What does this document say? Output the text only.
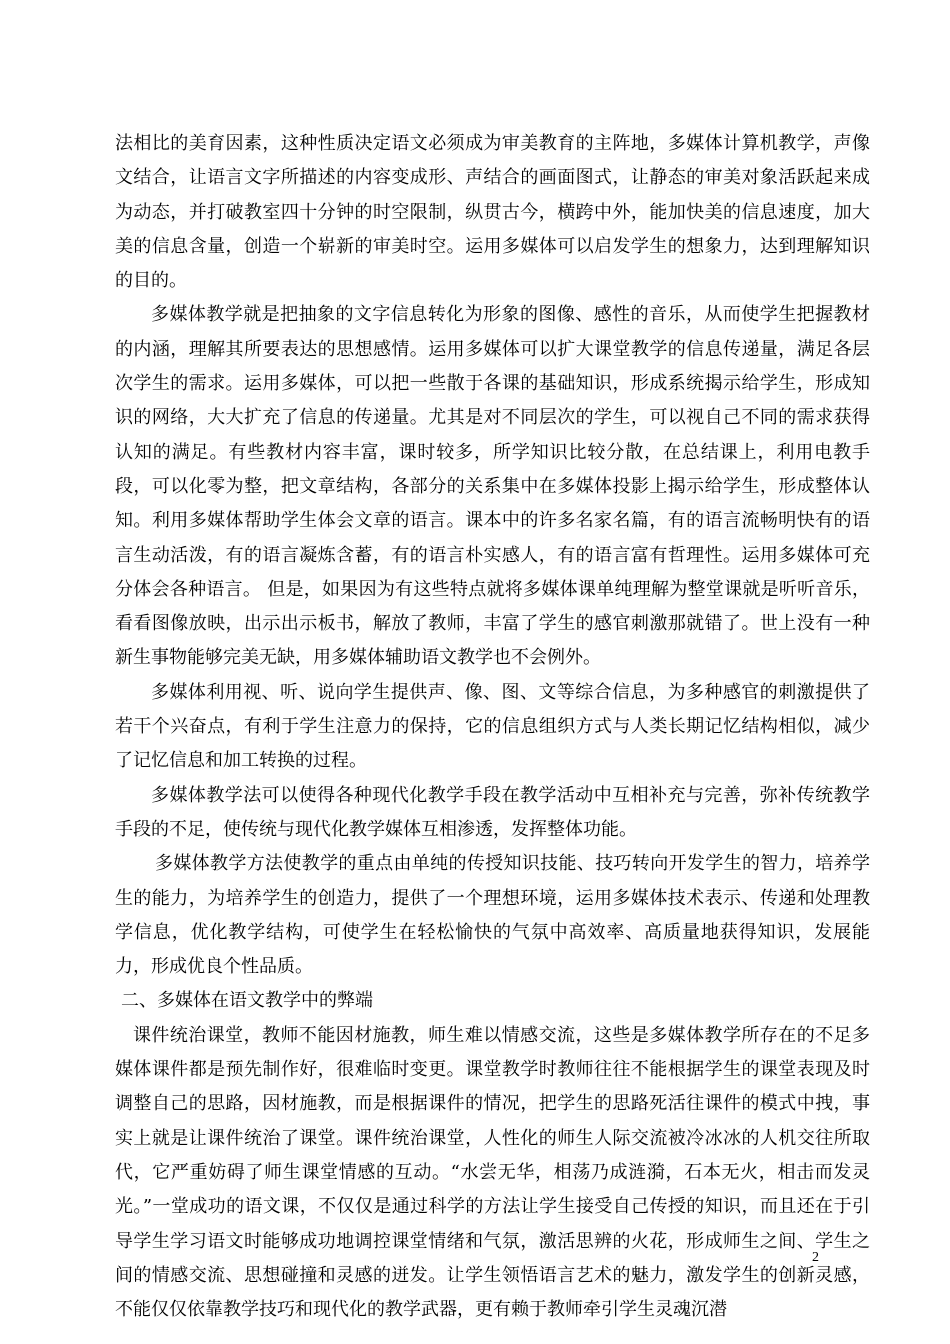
法相比的美育因素，这种性质决定语文必须成为审美教育的主阵地，多媒体计算机教学，声像文结合，让语言文字所描述的内容变成形、声结合的画面图式，让静态的审美对象活跃起来成为动态，并打破教室四十分钟的时空限制，纵贯古今，横跨中外，能加快美的信息速度，加大美的信息含量，创造一个崭新的审美时空。运用多媒体可以启发学生的想象力，达到理解知识的目的。

多媒体教学就是把抽象的文字信息转化为形象的图像、感性的音乐，从而使学生把握教材的内涵，理解其所要表达的思想感情。运用多媒体可以扩大课堂教学的信息传递量，满足各层次学生的需求。运用多媒体，可以把一些散于各课的基础知识，形成系统揭示给学生，形成知识的网络，大大扩充了信息的传递量。尤其是对不同层次的学生，可以视自己不同的需求获得认知的满足。有些教材内容丰富，课时较多，所学知识比较分散，在总结课上，利用电教手段，可以化零为整，把文章结构，各部分的关系集中在多媒体投影上揭示给学生，形成整体认知。利用多媒体帮助学生体会文章的语言。课本中的许多名家名篇，有的语言流畅明快有的语言生动活泼，有的语言凝炼含蓄，有的语言朴实感人，有的语言富有哲理性。运用多媒体可充分体会各种语言。 但是，如果因为有这些特点就将多媒体课单纯理解为整堂课就是听听音乐，看看图像放映，出示出示板书，解放了教师，丰富了学生的感官刺激那就错了。世上没有一种新生事物能够完美无缺，用多媒体辅助语文教学也不会例外。

多媒体利用视、听、说向学生提供声、像、图、文等综合信息，为多种感官的刺激提供了若干个兴奋点，有利于学生注意力的保持，它的信息组织方式与人类长期记忆结构相似，减少了记忆信息和加工转换的过程。

多媒体教学法可以使得各种现代化教学手段在教学活动中互相补充与完善，弥补传统教学手段的不足，使传统与现代化教学媒体互相渗透，发挥整体功能。

多媒体教学方法使教学的重点由单纯的传授知识技能、技巧转向开发学生的智力，培养学生的能力，为培养学生的创造力，提供了一个理想环境，运用多媒体技术表示、传递和处理教学信息，优化教学结构，可使学生在轻松愉快的气氛中高效率、高质量地获得知识，发展能力，形成优良个性品质。

二、多媒体在语文教学中的弊端

课件统治课堂，教师不能因材施教，师生难以情感交流，这些是多媒体教学所存在的不足多媒体课件都是预先制作好，很难临时变更。课堂教学时教师往往不能根据学生的课堂表现及时调整自己的思路，因材施教，而是根据课件的情况，把学生的思路死活往课件的模式中拽，事实上就是让课件统治了课堂。课件统治课堂，人性化的师生人际交流被冷冰冰的人机交往所取代，它严重妨碍了师生课堂情感的互动。“水尝无华，相荡乃成涟漪，石本无火，相击而发灵光。”一堂成功的语文课，不仅仅是通过科学的方法让学生接受自己传授的知识，而且还在于引导学生学习语文时能够成功地调控课堂情绪和气氛，激活思辨的火花，形成师生之间、学生之间的情感交流、思想碰撞和灵感的迸发。让学生领悟语言艺术的魅力，激发学生的创新灵感，不能仅仅依靠教学技巧和现代化的教学武器，更有赖于教师牵引学生灵魂沉潜

2
